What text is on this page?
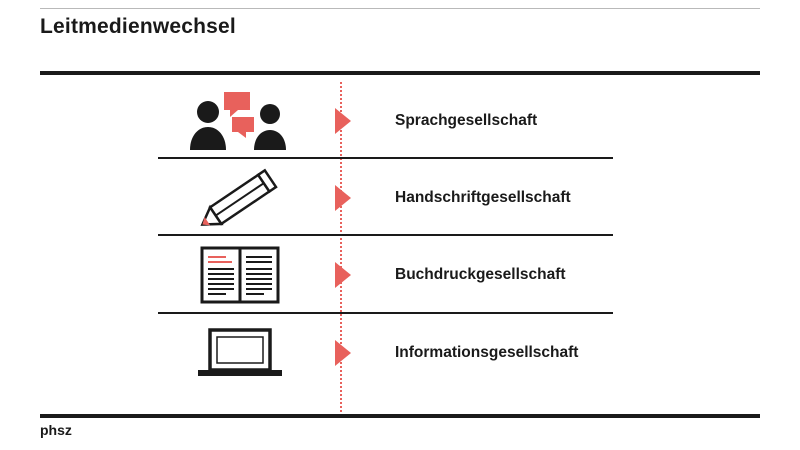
Leitmedienwechsel
Sprachgesellschaft
Handschriftgesellschaft
Buchdruckgesellschaft
Informationsgesellschaft
phsz
